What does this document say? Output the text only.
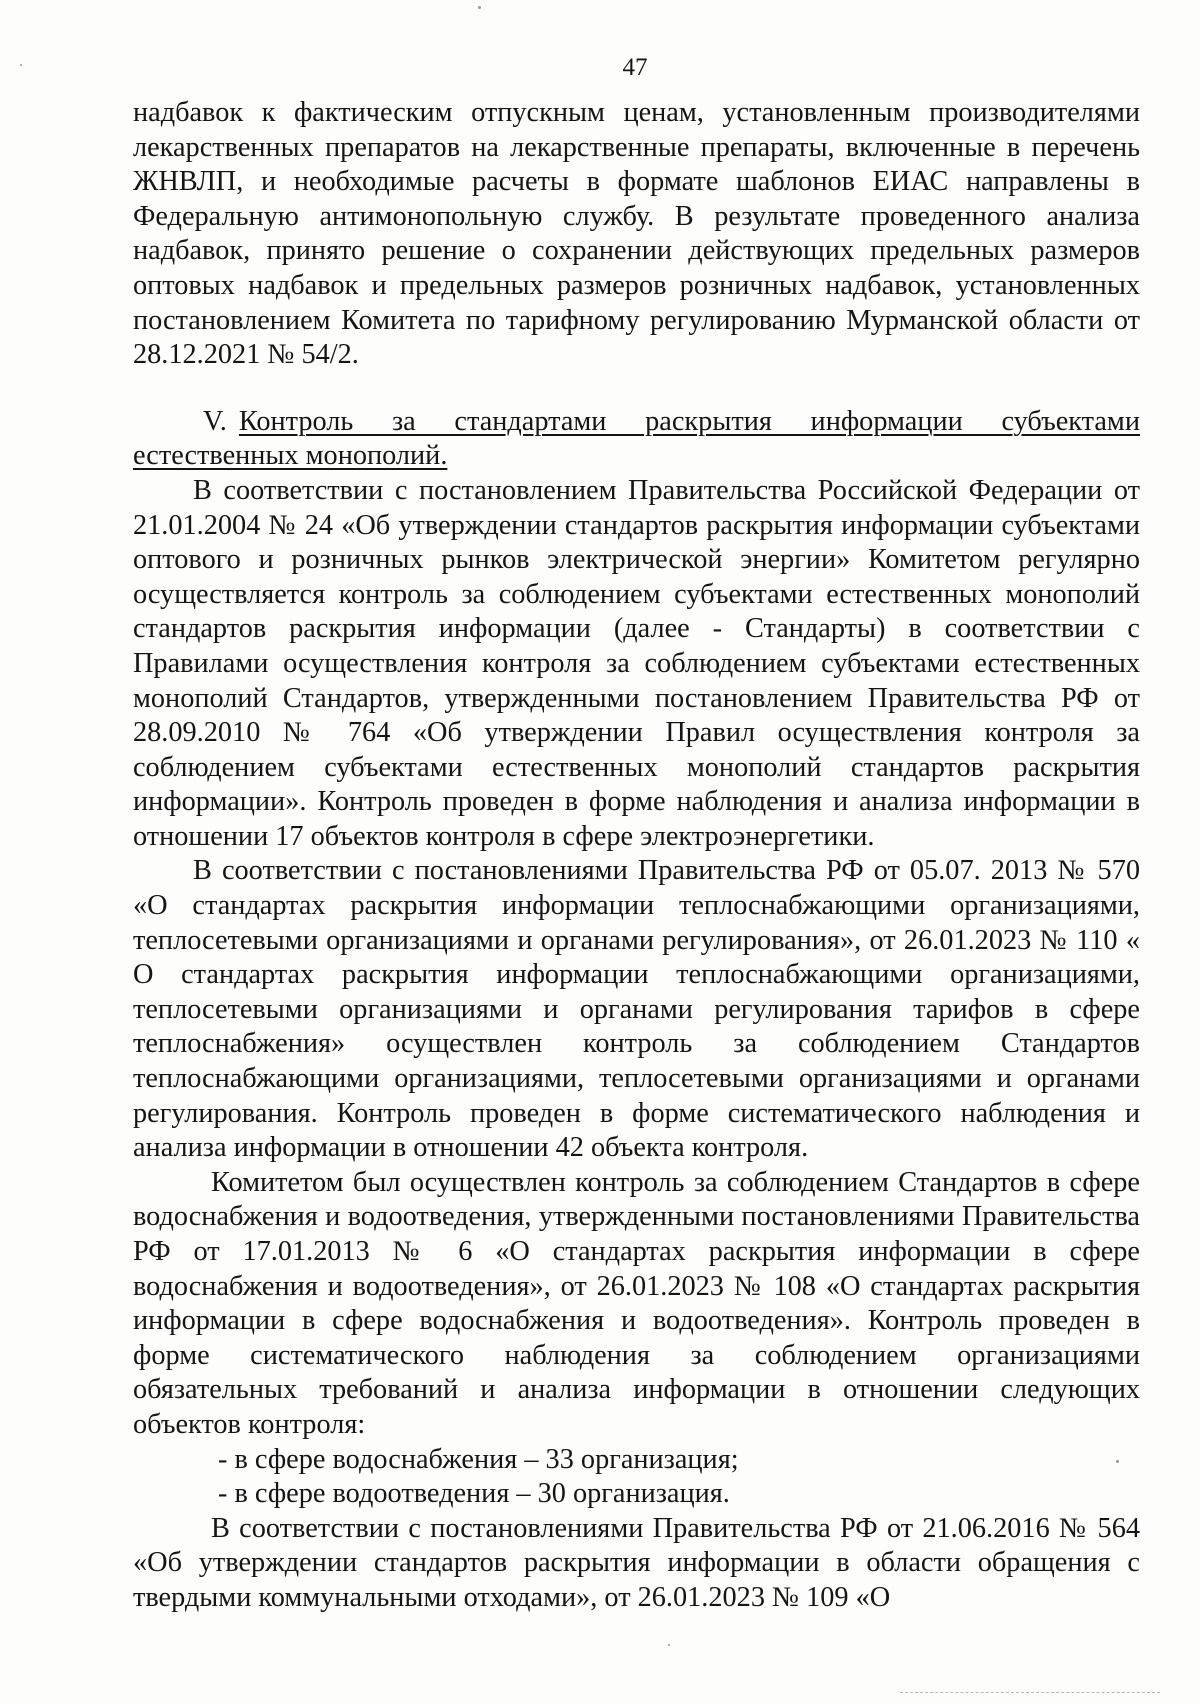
47

надбавок к фактическим отпускным ценам, установленным производителями лекарственных препаратов на лекарственные препараты, включенные в перечень ЖНВЛП, и необходимые расчеты в формате шаблонов ЕИАС направлены в Федеральную антимонопольную службу. В результате проведенного анализа надбавок, принято решение о сохранении действующих предельных размеров оптовых надбавок и предельных размеров розничных надбавок, установленных постановлением Комитета по тарифному регулированию Мурманской области от 28.12.2021 № 54/2.

V. Контроль за стандартами раскрытия информации субъектами естественных монополий.

В соответствии с постановлением Правительства Российской Федерации от 21.01.2004 № 24 «Об утверждении стандартов раскрытия информации субъектами оптового и розничных рынков электрической энергии» Комитетом регулярно осуществляется контроль за соблюдением субъектами естественных монополий стандартов раскрытия информации (далее - Стандарты) в соответствии с Правилами осуществления контроля за соблюдением субъектами естественных монополий Стандартов, утвержденными постановлением Правительства РФ от 28.09.2010 № 764 «Об утверждении Правил осуществления контроля за соблюдением субъектами естественных монополий стандартов раскрытия информации». Контроль проведен в форме наблюдения и анализа информации в отношении 17 объектов контроля в сфере электроэнергетики.

В соответствии с постановлениями Правительства РФ от 05.07. 2013 № 570 «О стандартах раскрытия информации теплоснабжающими организациями, теплосетевыми организациями и органами регулирования», от 26.01.2023 № 110 « О стандартах раскрытия информации теплоснабжающими организациями, теплосетевыми организациями и органами регулирования тарифов в сфере теплоснабжения» осуществлен контроль за соблюдением Стандартов теплоснабжающими организациями, теплосетевыми организациями и органами регулирования. Контроль проведен в форме систематического наблюдения и анализа информации в отношении 42 объекта контроля.

Комитетом был осуществлен контроль за соблюдением Стандартов в сфере водоснабжения и водоотведения, утвержденными постановлениями Правительства РФ от 17.01.2013 № 6 «О стандартах раскрытия информации в сфере водоснабжения и водоотведения», от 26.01.2023 № 108 «О стандартах раскрытия информации в сфере водоснабжения и водоотведения». Контроль проведен в форме систематического наблюдения за соблюдением организациями обязательных требований и анализа информации в отношении следующих объектов контроля:

- в сфере водоснабжения – 33 организация;
- в сфере водоотведения – 30 организация.

В соответствии с постановлениями Правительства РФ от 21.06.2016 № 564 «Об утверждении стандартов раскрытия информации в области обращения с твердыми коммунальными отходами», от 26.01.2023 № 109 «О
